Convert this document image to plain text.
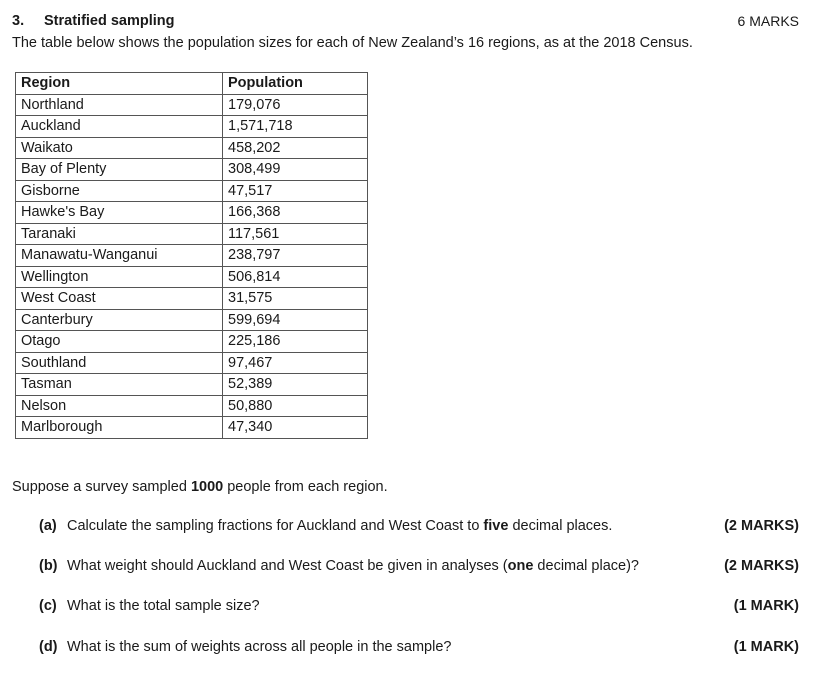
3. Stratified sampling	6 MARKS
The table below shows the population sizes for each of New Zealand’s 16 regions, as at the 2018 Census.
Region	Population
Northland	179,076
Auckland	1,571,718
Waikato	458,202
Bay of Plenty	308,499
Gisborne	47,517
Hawke's Bay	166,368
Taranaki	117,561
Manawatu-Wanganui	238,797
Wellington	506,814
West Coast	31,575
Canterbury	599,694
Otago	225,186
Southland	97,467
Tasman	52,389
Nelson	50,880
Marlborough	47,340
Suppose a survey sampled 1000 people from each region.
(a) Calculate the sampling fractions for Auckland and West Coast to five decimal places.	(2 MARKS)
(b) What weight should Auckland and West Coast be given in analyses (one decimal place)?	(2 MARKS)
(c) What is the total sample size?	(1 MARK)
(d) What is the sum of weights across all people in the sample?	(1 MARK)
